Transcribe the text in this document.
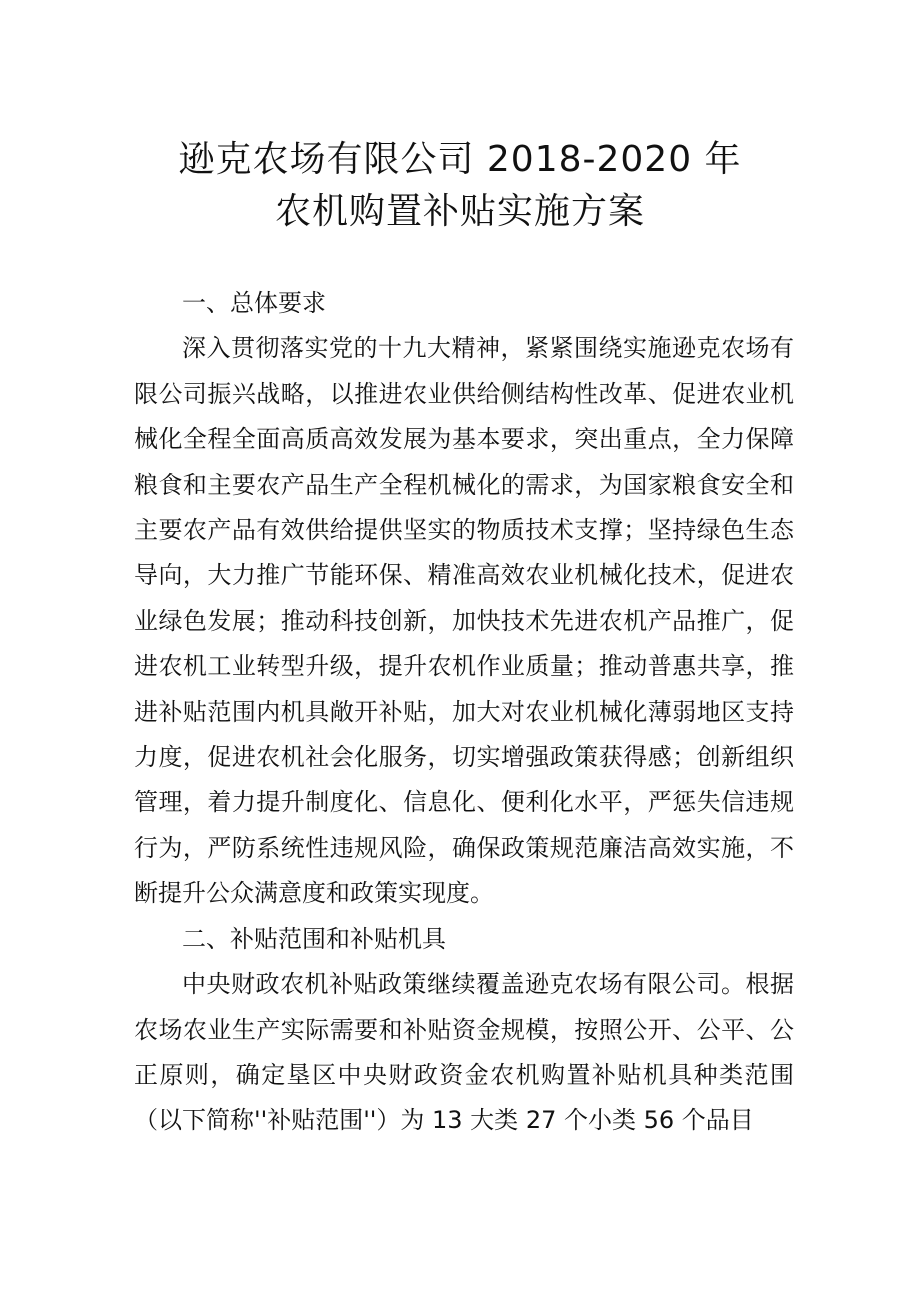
逊克农场有限公司 2018-2020 年
农机购置补贴实施方案
一、总体要求

深入贯彻落实党的十九大精神，紧紧围绕实施逊克农场有限公司振兴战略，以推进农业供给侧结构性改革、促进农业机械化全程全面高质高效发展为基本要求，突出重点，全力保障粮食和主要农产品生产全程机械化的需求，为国家粮食安全和主要农产品有效供给提供坚实的物质技术支撑；坚持绿色生态导向，大力推广节能环保、精准高效农业机械化技术，促进农业绿色发展；推动科技创新，加快技术先进农机产品推广，促进农机工业转型升级，提升农机作业质量；推动普惠共享，推进补贴范围内机具敞开补贴，加大对农业机械化薄弱地区支持力度，促进农机社会化服务，切实增强政策获得感；创新组织管理，着力提升制度化、信息化、便利化水平，严惩失信违规行为，严防系统性违规风险，确保政策规范廉洁高效实施，不断提升公众满意度和政策实现度。

二、补贴范围和补贴机具

中央财政农机补贴政策继续覆盖逊克农场有限公司。根据农场农业生产实际需要和补贴资金规模，按照公开、公平、公正原则，确定垦区中央财政资金农机购置补贴机具种类范围（以下简称''补贴范围''）为 13 大类 27 个小类 56 个品目
